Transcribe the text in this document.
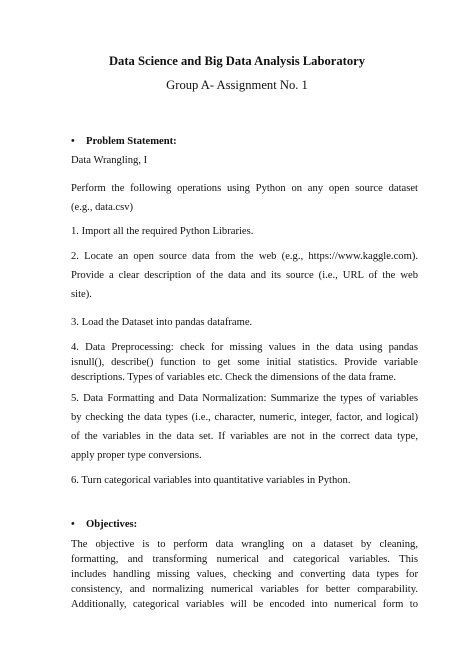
Data Science and Big Data Analysis Laboratory
Group A- Assignment No. 1
• Problem Statement:
Data Wrangling, I
Perform the following operations using Python on any open source dataset
(e.g., data.csv)
1. Import all the required Python Libraries.
2. Locate an open source data from the web (e.g., https://www.kaggle.com).
Provide a clear description of the data and its source (i.e., URL of the web
site).
3. Load the Dataset into pandas dataframe.
4. Data Preprocessing: check for missing values in the data using pandas
isnull(), describe() function to get some initial statistics. Provide variable
descriptions. Types of variables etc. Check the dimensions of the data frame.
5. Data Formatting and Data Normalization: Summarize the types of variables
by checking the data types (i.e., character, numeric, integer, factor, and logical)
of the variables in the data set. If variables are not in the correct data type,
apply proper type conversions.
6. Turn categorical variables into quantitative variables in Python.
• Objectives:
The objective is to perform data wrangling on a dataset by cleaning,
formatting, and transforming numerical and categorical variables. This
includes handling missing values, checking and converting data types for
consistency, and normalizing numerical variables for better comparability.
Additionally, categorical variables will be encoded into numerical form to
